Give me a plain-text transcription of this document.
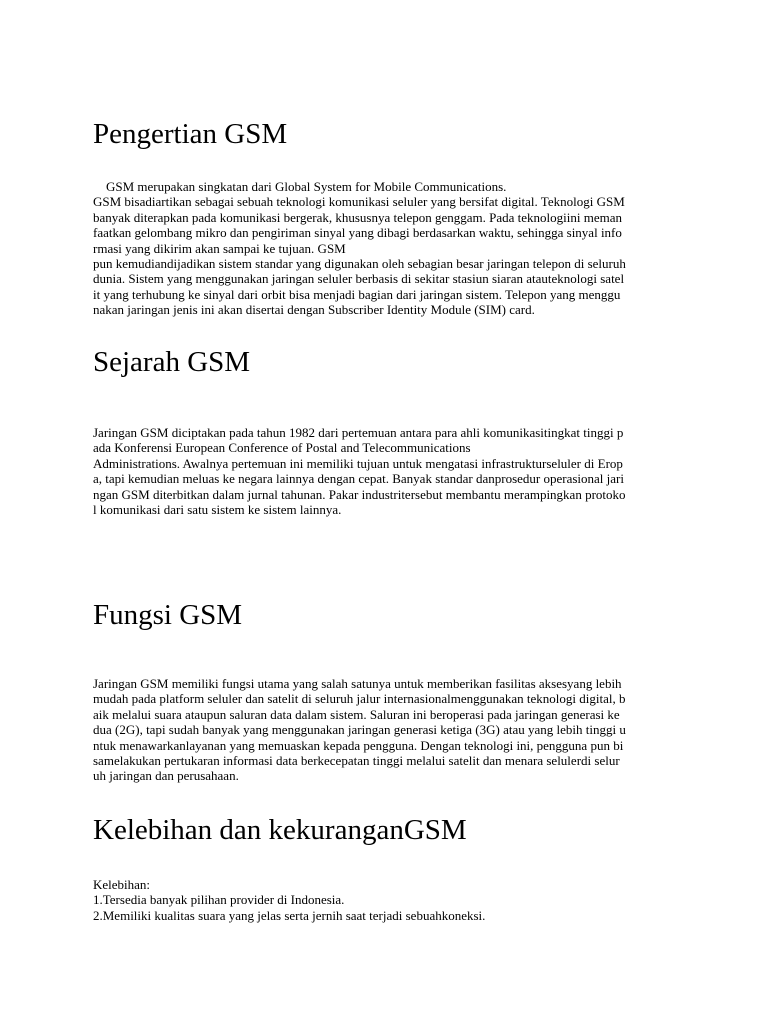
Pengertian GSM
GSM merupakan singkatan dari Global System for Mobile Communications.
GSM bisadiartikan sebagai sebuah teknologi komunikasi seluler yang bersifat digital. Teknologi GSM
banyak diterapkan pada komunikasi bergerak, khususnya telepon genggam. Pada teknologiini meman
faatkan gelombang mikro dan pengiriman sinyal yang dibagi berdasarkan waktu, sehingga sinyal info
rmasi yang dikirim akan sampai ke tujuan. GSM
pun kemudiandijadikan sistem standar yang digunakan oleh sebagian besar jaringan telepon di seluruh
dunia. Sistem yang menggunakan jaringan seluler berbasis di sekitar stasiun siaran atauteknologi satel
it yang terhubung ke sinyal dari orbit bisa menjadi bagian dari jaringan sistem. Telepon yang menggu
nakan jaringan jenis ini akan disertai dengan Subscriber Identity Module (SIM) card.
Sejarah GSM
Jaringan GSM diciptakan pada tahun 1982 dari pertemuan antara para ahli komunikasitingkat tinggi p
ada Konferensi European Conference of Postal and Telecommunications
Administrations. Awalnya pertemuan ini memiliki tujuan untuk mengatasi infrastrukturseluler di Erop
a, tapi kemudian meluas ke negara lainnya dengan cepat. Banyak standar danprosedur operasional jari
ngan GSM diterbitkan dalam jurnal tahunan. Pakar industritersebut membantu merampingkan protoko
l komunikasi dari satu sistem ke sistem lainnya.
Fungsi GSM
Jaringan GSM memiliki fungsi utama yang salah satunya untuk memberikan fasilitas aksesyang lebih
mudah pada platform seluler dan satelit di seluruh jalur internasionalmenggunakan teknologi digital, b
aik melalui suara ataupun saluran data dalam sistem. Saluran ini beroperasi pada jaringan generasi ke
dua (2G), tapi sudah banyak yang menggunakan jaringan generasi ketiga (3G) atau yang lebih tinggi u
ntuk menawarkanlayanan yang memuaskan kepada pengguna. Dengan teknologi ini, pengguna pun bi
samelakukan pertukaran informasi data berkecepatan tinggi melalui satelit dan menara selulerdi selur
uh jaringan dan perusahaan.
Kelebihan dan kekuranganGSM
Kelebihan:
1.Tersedia banyak pilihan provider di Indonesia.
2.Memiliki kualitas suara yang jelas serta jernih saat terjadi sebuahkoneksi.
